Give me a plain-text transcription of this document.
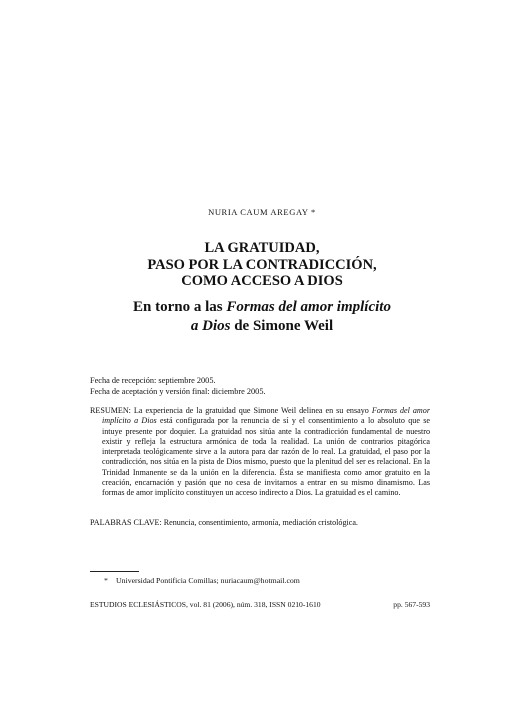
NURIA CAUM AREGAY *
LA GRATUIDAD,
PASO POR LA CONTRADICCIÓN,
COMO ACCESO A DIOS
En torno a las Formas del amor implícito
a Dios de Simone Weil
Fecha de recepción: septiembre 2005.
Fecha de aceptación y versión final: diciembre 2005.

RESUMEN: La experiencia de la gratuidad que Simone Weil delinea en su ensayo Formas del amor implícito a Dios está configurada por la renuncia de sí y el consentimiento a lo absoluto que se intuye presente por doquier. La gratuidad nos sitúa ante la contradicción fundamental de nuestro existir y refleja la estructura armónica de toda la realidad. La unión de contrarios pitagórica interpretada teológicamente sirve a la autora para dar razón de lo real. La gratuidad, el paso por la contradicción, nos sitúa en la pista de Dios mismo, puesto que la plenitud del ser es relacional. En la Trinidad Inmanente se da la unión en la diferencia. Ésta se manifiesta como amor gratuito en la creación, encarnación y pasión que no cesa de invitarnos a entrar en su mismo dinamismo. Las formas de amor implícito constituyen un acceso indirecto a Dios. La gratuidad es el camino.

PALABRAS CLAVE: Renuncia, consentimiento, armonía, mediación cristológica.
* Universidad Pontificia Comillas; nuriacaum@hotmail.com
ESTUDIOS ECLESIÁSTICOS, vol. 81 (2006), núm. 318, ISSN 0210-1610	pp. 567-593
